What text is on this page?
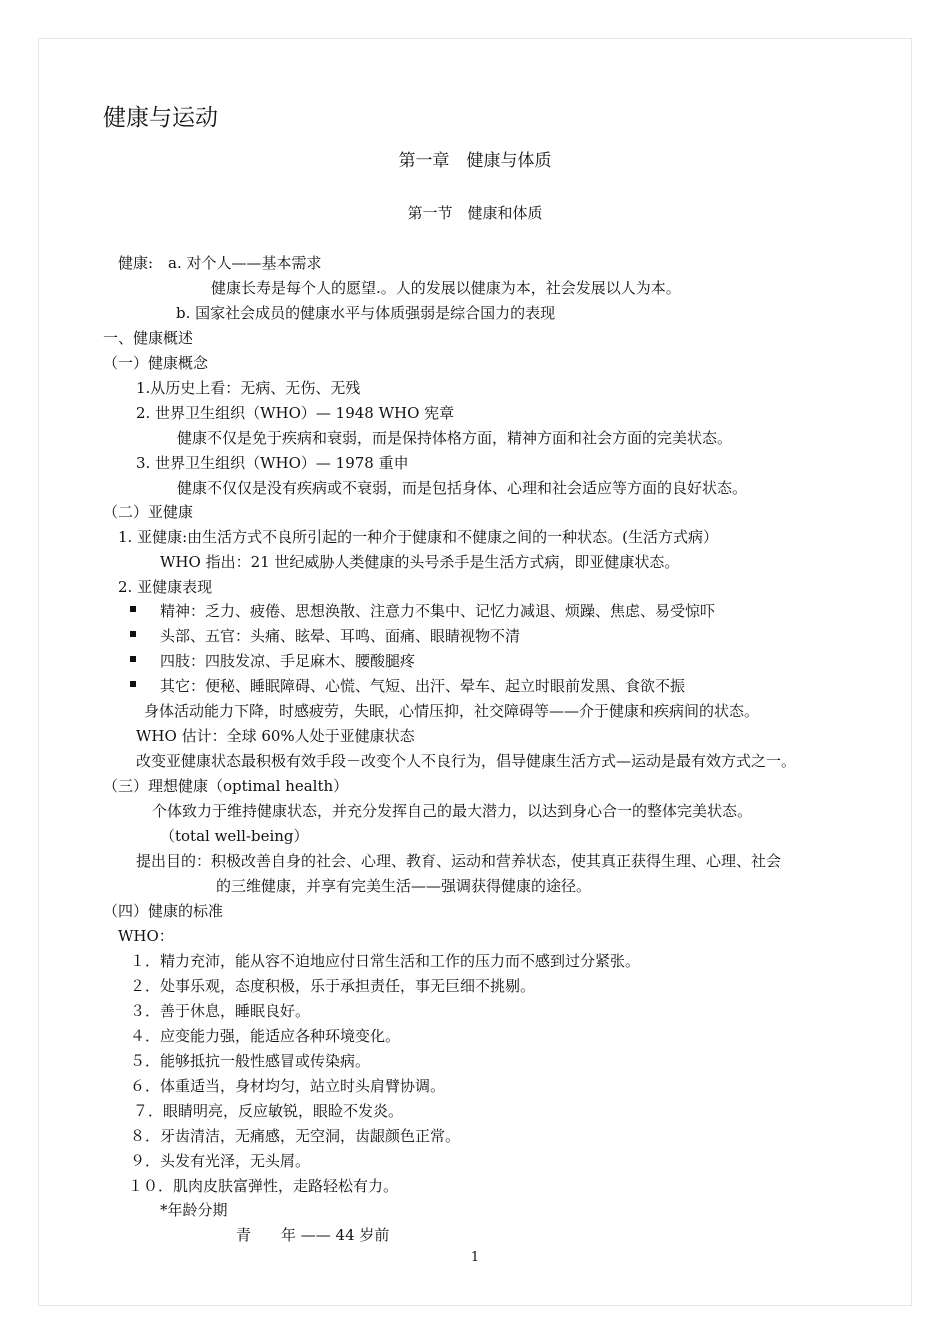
健康与运动
第一章　健康与体质
第一节　健康和体质
健康:　a. 对个人——基本需求
健康长寿是每个人的愿望.。人的发展以健康为本，社会发展以人为本。
b. 国家社会成员的健康水平与体质强弱是综合国力的表现
一、健康概述
（一）健康概念
1.从历史上看：无病、无伤、无残
2. 世界卫生组织（WHO）— 1948 WHO 宪章
健康不仅是免于疾病和衰弱，而是保持体格方面，精神方面和社会方面的完美状态。
3. 世界卫生组织（WHO）— 1978 重申
健康不仅仅是没有疾病或不衰弱，而是包括身体、心理和社会适应等方面的良好状态。
（二）亚健康
1. 亚健康:由生活方式不良所引起的一种介于健康和不健康之间的一种状态。(生活方式病）
WHO 指出：21 世纪威胁人类健康的头号杀手是生活方式病，即亚健康状态。
2. 亚健康表现
精神：乏力、疲倦、思想涣散、注意力不集中、记忆力减退、烦躁、焦虑、易受惊吓
头部、五官：头痛、眩晕、耳鸣、面痛、眼睛视物不清
四肢：四肢发凉、手足麻木、腰酸腿疼
其它：便秘、睡眠障碍、心慌、气短、出汗、晕车、起立时眼前发黑、食欲不振
身体活动能力下降，时感疲劳，失眠，心情压抑，社交障碍等——介于健康和疾病间的状态。
WHO 估计：全球 60%人处于亚健康状态
改变亚健康状态最积极有效手段－改变个人不良行为，倡导健康生活方式—运动是最有效方式之一。
（三）理想健康（optimal health）
个体致力于维持健康状态，并充分发挥自己的最大潜力，以达到身心合一的整体完美状态。
（total well-being）
提出目的：积极改善自身的社会、心理、教育、运动和营养状态，使其真正获得生理、心理、社会
的三维健康，并享有完美生活——强调获得健康的途径。
（四）健康的标准
WHO：
１．精力充沛，能从容不迫地应付日常生活和工作的压力而不感到过分紧张。
２．处事乐观，态度积极，乐于承担责任，事无巨细不挑剔。
３．善于休息，睡眠良好。
４．应变能力强，能适应各种环境变化。
５．能够抵抗一般性感冒或传染病。
６．体重适当，身材均匀，站立时头肩臂协调。
７．眼睛明亮，反应敏锐，眼睑不发炎。
８．牙齿清洁，无痛感，无空洞，齿龈颜色正常。
９．头发有光泽，无头屑。
１０．肌肉皮肤富弹性，走路轻松有力。
*年龄分期
青　　年 —— 44 岁前
1
